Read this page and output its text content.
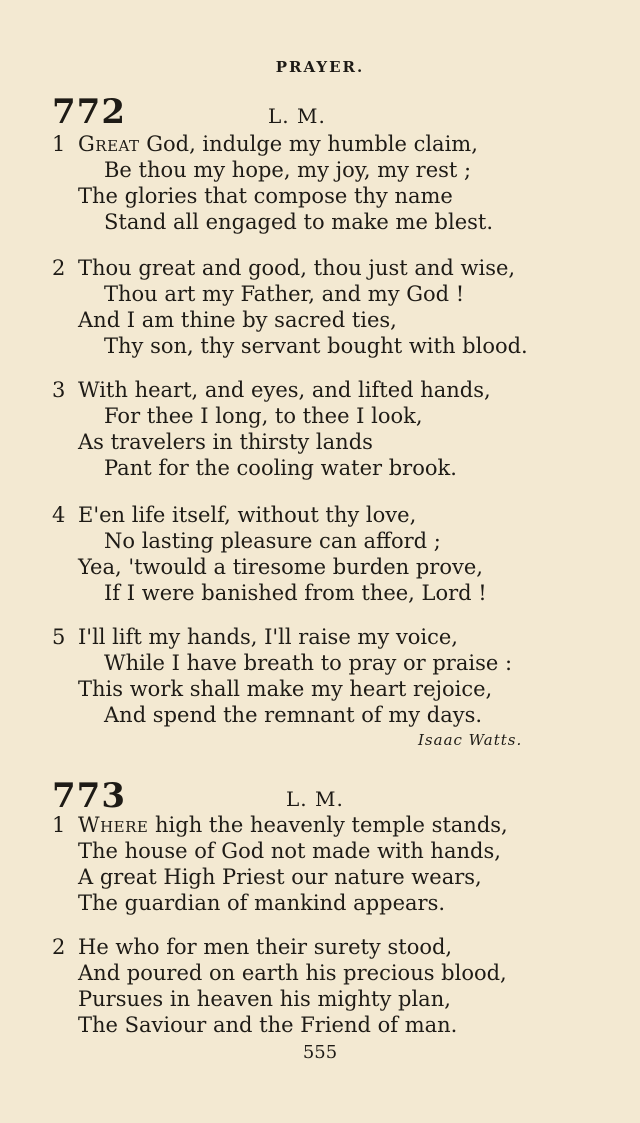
PRAYER.
772	L. M.
1 Great God, indulge my humble claim,
Be thou my hope, my joy, my rest ;
The glories that compose thy name
Stand all engaged to make me blest.
2 Thou great and good, thou just and wise,
Thou art my Father, and my God !
And I am thine by sacred ties,
Thy son, thy servant bought with blood.
3 With heart, and eyes, and lifted hands,
For thee I long, to thee I look,
As travelers in thirsty lands
Pant for the cooling water brook.
4 E'en life itself, without thy love,
No lasting pleasure can afford ;
Yea, 'twould a tiresome burden prove,
If I were banished from thee, Lord !
5 I'll lift my hands, I'll raise my voice,
While I have breath to pray or praise :
This work shall make my heart rejoice,
And spend the remnant of my days.
Isaac Watts.
773	L. M.
1 Where high the heavenly temple stands,
The house of God not made with hands,
A great High Priest our nature wears,
The guardian of mankind appears.
2 He who for men their surety stood,
And poured on earth his precious blood,
Pursues in heaven his mighty plan,
The Saviour and the Friend of man.
555
